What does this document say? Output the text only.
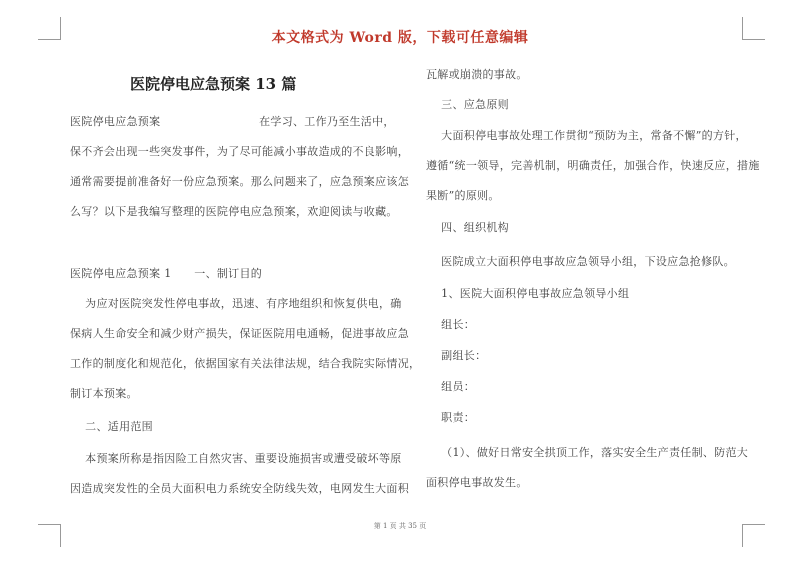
本文格式为 Word 版，下载可任意编辑
医院停电应急预案 13 篇
医院停电应急预案                          在学习、工作乃至生活中，
保不齐会出现一些突发事件，为了尽可能减小事故造成的不良影响，
通常需要提前准备好一份应急预案。那么问题来了，应急预案应该怎
么写？以下是我编写整理的医院停电应急预案，欢迎阅读与收藏。
医院停电应急预案 1      一、制订目的
为应对医院突发性停电事故，迅速、有序地组织和恢复供电，确
保病人生命安全和减少财产损失，保证医院用电通畅，促进事故应急
工作的制度化和规范化，依据国家有关法律法规，结合我院实际情况，
制订本预案。
二、适用范围
本预案所称是指因险工自然灾害、重要设施损害或遭受破坏等原
因造成突发性的全员大面积电力系统安全防线失效，电网发生大面积
瓦解或崩溃的事故。
三、应急原则
大面积停电事故处理工作贯彻“预防为主，常备不懈”的方针，
遵循“统一领导，完善机制，明确责任，加强合作，快速反应，措施
果断”的原则。
四、组织机构
医院成立大面积停电事故应急领导小组，下设应急抢修队。
1、医院大面积停电事故应急领导小组
组长：
副组长：
组员：
职责：
（1）、做好日常安全拱顶工作，落实安全生产责任制、防范大
面积停电事故发生。
第 1 页 共 35 页
